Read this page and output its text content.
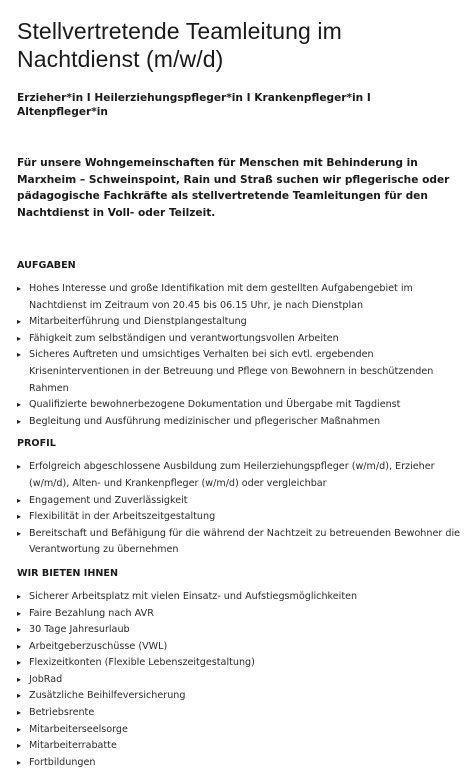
Stellvertretende Teamleitung im Nachtdienst (m/w/d)
Erzieher*in I Heilerziehungspfleger*in I Krankenpfleger*in I Altenpfleger*in
Für unsere Wohngemeinschaften für Menschen mit Behinderung in Marxheim – Schweinspoint, Rain und Straß suchen wir pflegerische oder pädagogische Fachkräfte als stellvertretende Teamleitungen für den Nachtdienst in Voll- oder Teilzeit.
AUFGABEN
▸ Hohes Interesse und große Identifikation mit dem gestellten Aufgabengebiet im Nachtdienst im Zeitraum von 20.45 bis 06.15 Uhr, je nach Dienstplan
▸ Mitarbeiterführung und Dienstplangestaltung
▸ Fähigkeit zum selbständigen und verantwortungsvollen Arbeiten
▸ Sicheres Auftreten und umsichtiges Verhalten bei sich evtl. ergebenden Kriseninterventionen in der Betreuung und Pflege von Bewohnern in beschützenden Rahmen
▸ Qualifizierte bewohnerbezogene Dokumentation und Übergabe mit Tagdienst
▸ Begleitung und Ausführung medizinischer und pflegerischer Maßnahmen
PROFIL
▸ Erfolgreich abgeschlossene Ausbildung zum Heilerziehungspfleger (w/m/d), Erzieher (w/m/d), Alten- und Krankenpfleger (w/m/d) oder vergleichbar
▸ Engagement und Zuverlässigkeit
▸ Flexibilität in der Arbeitszeitgestaltung
▸ Bereitschaft und Befähigung für die während der Nachtzeit zu betreuenden Bewohner die Verantwortung zu übernehmen
WIR BIETEN IHNEN
▸ Sicherer Arbeitsplatz mit vielen Einsatz- und Aufstiegsmöglichkeiten
▸ Faire Bezahlung nach AVR
▸ 30 Tage Jahresurlaub
▸ Arbeitgeberzuschüsse (VWL)
▸ Flexizeitkonten (Flexible Lebenszeitgestaltung)
▸ JobRad
▸ Zusätzliche Beihilfeversicherung
▸ Betriebsrente
▸ Mitarbeiterseelsorge
▸ Mitarbeiterrabatte
▸ Fortbildungen
